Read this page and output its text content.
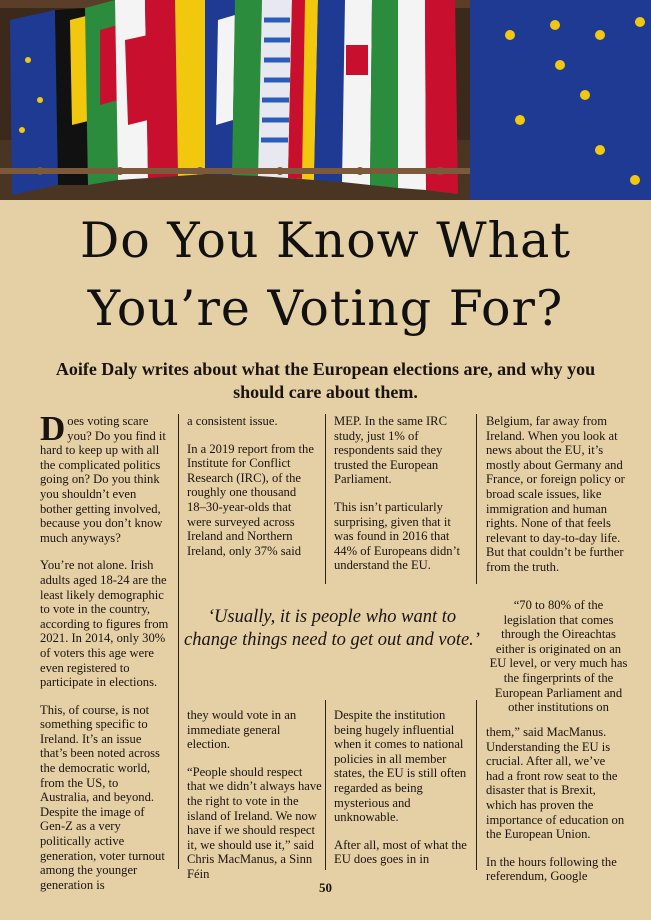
Do You Know What
You’re Voting For?
Aoife Daly writes about what the European elections are, and why you should care about them.

Does voting scare you? Do you find it hard to keep up with all the complicated politics going on? Do you think you shouldn’t even bother getting involved, because you don’t know much anyways?

You’re not alone. Irish adults aged 18-24 are the least likely demographic to vote in the country, according to figures from 2021. In 2014, only 30% of voters this age were even registered to participate in elections.

This, of course, is not something specific to Ireland. It’s an issue that’s been noted across the democratic world, from the US, to Australia, and beyond. Despite the image of Gen-Z as a very politically active generation, voter turnout among the younger generation is

a consistent issue.

In a 2019 report from the Institute for Conflict Research (IRC), of the roughly one thousand 18–30-year-olds that were surveyed across Ireland and Northern Ireland, only 37% said

MEP. In the same IRC study, just 1% of respondents said they trusted the European Parliament.

This isn’t particularly surprising, given that it was found in 2016 that 44% of Europeans didn’t understand the EU.

Belgium, far away from Ireland. When you look at news about the EU, it’s mostly about Germany and France, or foreign policy or broad scale issues, like immigration and human rights. None of that feels relevant to day-to-day life. But that couldn’t be further from the truth.

‘Usually, it is people who want to change things need to get out and vote.’
“70 to 80% of the legislation that comes through the Oireachtas either is originated on an EU level, or very much has the fingerprints of the European Parliament and other institutions on

they would vote in an immediate general election.

“People should respect that we didn’t always have the right to vote in the island of Ireland. We now have if we should respect it, we should use it,” said Chris MacManus, a Sinn Féin

Despite the institution being hugely influential when it comes to national policies in all member states, the EU is still often regarded as being mysterious and unknowable.

After all, most of what the EU does goes in in

them,” said MacManus. Understanding the EU is crucial. After all, we’ve had a front row seat to the disaster that is Brexit, which has proven the importance of education on the European Union.

In the hours following the referendum, Google

50
